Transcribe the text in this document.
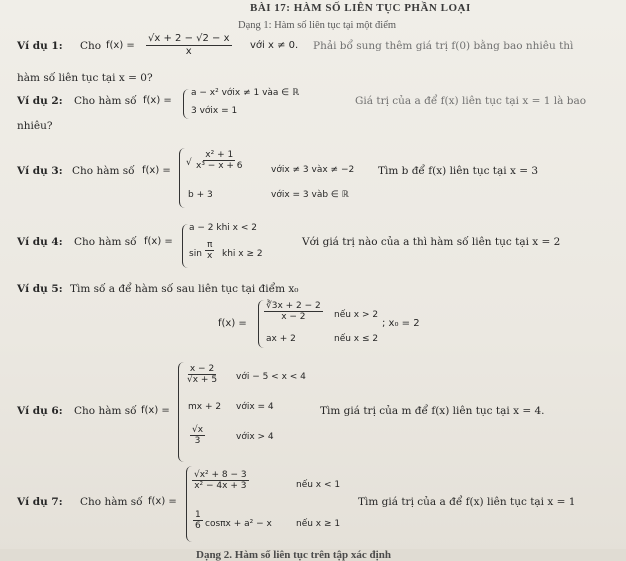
BÀI 17: HÀM SỐ LIÊN TỤC PHẦN LOẠI
Dạng 1: Hàm số liên tục tại một điểm
Ví dụ 1: Cho $f(x) = \frac{√x + 2 - √2 - x}{x}$ với x ≠ 0. Phải bổ sung thêm giá trị f(0) bằng bao nhiêu thì
hàm số liên tục tại x = 0?
Ví dụ 2: Cho hàm số f(x) =
a − x² vớix ≠ 1 vàa ∈ ℝ
3 vớix = 1
Giá trị của a để f(x) liên tục tại x = 1 là bao
nhiêu?
Ví dụ 3: Cho hàm số f(x) =
√ $\frac{\text{x² + 1}}{\text{x³ − x + 6}}$	vớix ≠ 3 vàx ≠ −2
b + 3	vớix = 3 vàb ∈ ℝ
Tìm b để f(x) liên tục tại x = 3
Ví dụ 4: Cho hàm số f(x) =
a − 2 khi x < 2
$\sin \frac{\pi}{x}$ khi x ≥ 2
Với giá trị nào của a thì hàm số liên tục tại x = 2
Ví dụ 5: Tìm số a để hàm số sau liên tục tại điểm x₀
f(x) =
$\frac{∛3x + 2 - 2}{x - 2}$ nếu x > 2
; x₀ = 2
ax + 2	nếu x ≤ 2
Ví dụ 6: Cho hàm số f(x) =
$\frac{x - 2}{√x + 5}$ với − 5 < x < 4
mx + 2 vớix = 4
$\frac{√x}{3}$	vớix > 4
Tìm giá trị của m để f(x) liên tục tại x = 4.
Ví dụ 7: Cho hàm số f(x) =
$\frac{\text{√x² + 8 − 3}}{\text{x² − 4x + 3}}$	nếu x < 1
$\frac{1}{6}$ cosπx + a² − x	nếu x ≥ 1
Tìm giá trị của a để f(x) liên tục tại x = 1
Dạng 2. Hàm số liên tục trên tập xác định
